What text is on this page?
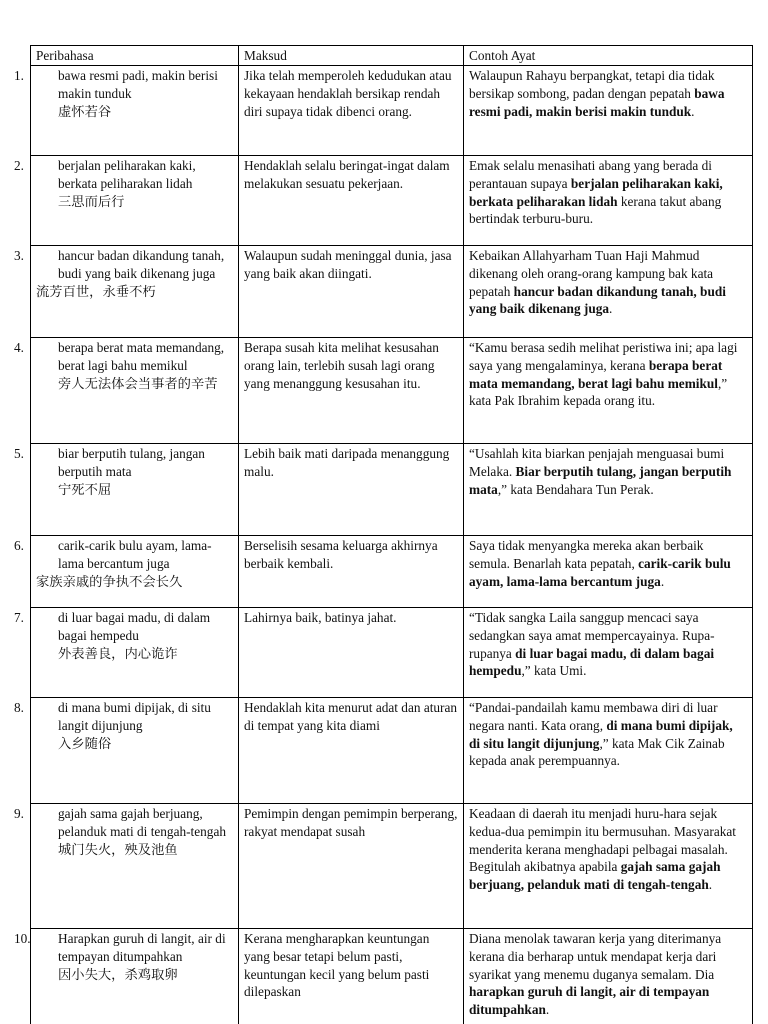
Peribahasa	Maksud	Contoh Ayat

1. bawa resmi padi, makin berisi makin tunduk
虚怀若谷	Jika telah memperoleh kedudukan atau kekayaan hendaklah bersikap rendah diri supaya tidak dibenci orang.	Walaupun Rahayu berpangkat, tetapi dia tidak bersikap sombong, padan dengan pepatah bawa resmi padi, makin berisi makin tunduk.

2. berjalan peliharakan kaki, berkata peliharakan lidah
三思而后行	Hendaklah selalu beringat-ingat dalam melakukan sesuatu pekerjaan.	Emak selalu menasihati abang yang berada di perantauan supaya berjalan peliharakan kaki, berkata peliharakan lidah kerana takut abang bertindak terburu-buru.

3. hancur badan dikandung tanah, budi yang baik dikenang juga
流芳百世，永垂不朽	Walaupun sudah meninggal dunia, jasa yang baik akan diingati.	Kebaikan Allahyarham Tuan Haji Mahmud dikenang oleh orang-orang kampung bak kata pepatah hancur badan dikandung tanah, budi yang baik dikenang juga.

4. berapa berat mata memandang, berat lagi bahu memikul
旁人无法体会当事者的辛苦	Berapa susah kita melihat kesusahan orang lain, terlebih susah lagi orang yang menanggung kesusahan itu.	“Kamu berasa sedih melihat peristiwa ini; apa lagi saya yang mengalaminya, kerana berapa berat mata memandang, berat lagi bahu memikul,” kata Pak Ibrahim kepada orang itu.

5. biar berputih tulang, jangan berputih mata
宁死不屈	Lebih baik mati daripada menanggung malu.	“Usahlah kita biarkan penjajah menguasai bumi Melaka. Biar berputih tulang, jangan berputih mata,” kata Bendahara Tun Perak.

6. carik-carik bulu ayam, lama-lama bercantum juga
家族亲戚的争执不会长久	Berselisih sesama keluarga akhirnya berbaik kembali.	Saya tidak menyangka mereka akan berbaik semula. Benarlah kata pepatah, carik-carik bulu ayam, lama-lama bercantum juga.

7. di luar bagai madu, di dalam bagai hempedu
外表善良，内心诡诈	Lahirnya baik, batinya jahat.	“Tidak sangka Laila sanggup mencaci saya sedangkan saya amat mempercayainya. Rupa-rupanya di luar bagai madu, di dalam bagai hempedu,” kata Umi.

8. di mana bumi dipijak, di situ langit dijunjung
入乡随俗	Hendaklah kita menurut adat dan aturan di tempat yang kita diami	“Pandai-pandailah kamu membawa diri di luar negara nanti. Kata orang, di mana bumi dipijak, di situ langit dijunjung,” kata Mak Cik Zainab kepada anak perempuannya.

9. gajah sama gajah berjuang, pelanduk mati di tengah-tengah
城门失火，殃及池鱼	Pemimpin dengan pemimpin berperang, rakyat mendapat susah	Keadaan di daerah itu menjadi huru-hara sejak kedua-dua pemimpin itu bermusuhan. Masyarakat menderita kerana menghadapi pelbagai masalah. Begitulah akibatnya apabila gajah sama gajah berjuang, pelanduk mati di tengah-tengah.

10. Harapkan guruh di langit, air di tempayan ditumpahkan
因小失大，杀鸡取卵	Kerana mengharapkan keuntungan yang besar tetapi belum pasti, keuntungan kecil yang belum pasti dilepaskan	Diana menolak tawaran kerja yang diterimanya kerana dia berharap untuk mendapat kerja dari syarikat yang menemu duganya semalam. Dia harapkan guruh di langit, air di tempayan ditumpahkan.
